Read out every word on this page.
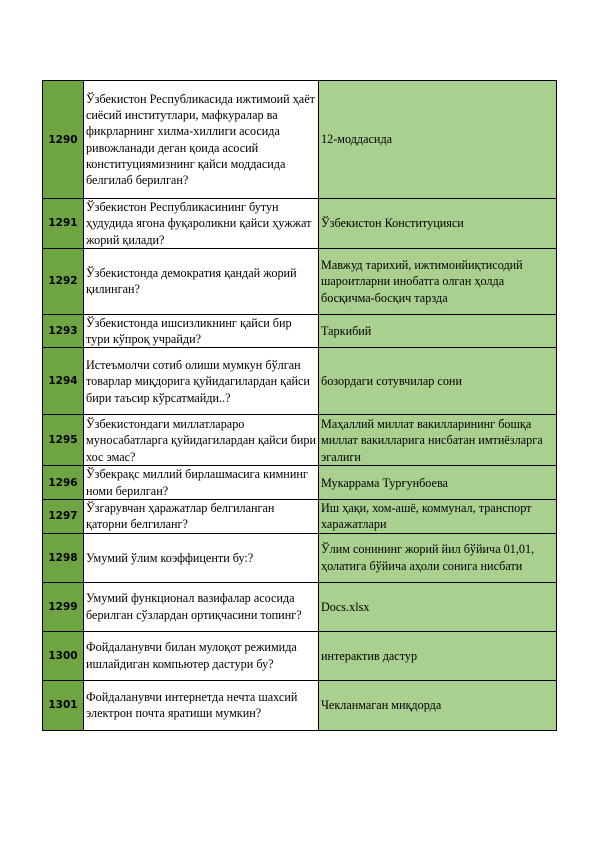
1290	Ўзбекистон Республикасида ижтимоий ҳаёт сиёсий институтлари, мафкуралар ва фикрларнинг хилма-хиллиги асосида ривожланади деган қоида асосий конституциямизнинг қайси моддасида белгилаб берилган?	12-моддасида
1291	Ўзбекистон Республикасининг бутун ҳудудида ягона фуқароликни қайси ҳужжат жорий қилади?	Ўзбекистон Конституцияси
1292	Ўзбекистонда демократия қандай жорий қилинган?	Мавжуд тарихий, ижтимоийиқтисодий шароитларни инобатга олган ҳолда босқичма-босқич тарзда
1293	Ўзбекистонда ишсизликнинг қайси бир тури кўпроқ учрайди?	Таркибий
1294	Истеъмолчи сотиб олиши мумкун бўлган товарлар миқдорига қуйидагилардан қайси бири таъсир кўрсатмайди..?	бозордаги сотувчилар сони
1295	Ўзбекистондаги миллатлараро муносабатларга қуйидагилардан қайси бири хос эмас?	Маҳаллий миллат вакилларининг бошқа миллат вакилларига нисбатан имтиёзларга эгалиги
1296	Ўзбекрақс миллий бирлашмасига кимнинг номи берилган?	Мукаррама Турғунбоева
1297	Ўзгарувчан ҳаражатлар белгиланган қаторни белгиланг?	Иш ҳақи, хом-ашё, коммунал, транспорт харажатлари
1298	Умумий ўлим коэффиценти бу:?	Ўлим сонининг жорий йил бўйича 01,01, ҳолатига бўйича аҳоли сонига нисбати
1299	Умумий функционал вазифалар асосида берилган сўзлардан ортиқчасини топинг?	Docs.xlsx
1300	Фойдаланувчи билан мулоқот режимида ишлайдиган компьютер дастури бу?	интерактив дастур
1301	Фойдаланувчи интернетда нечта шахсий электрон почта яратиши мумкин?	Чекланмаган миқдорда
